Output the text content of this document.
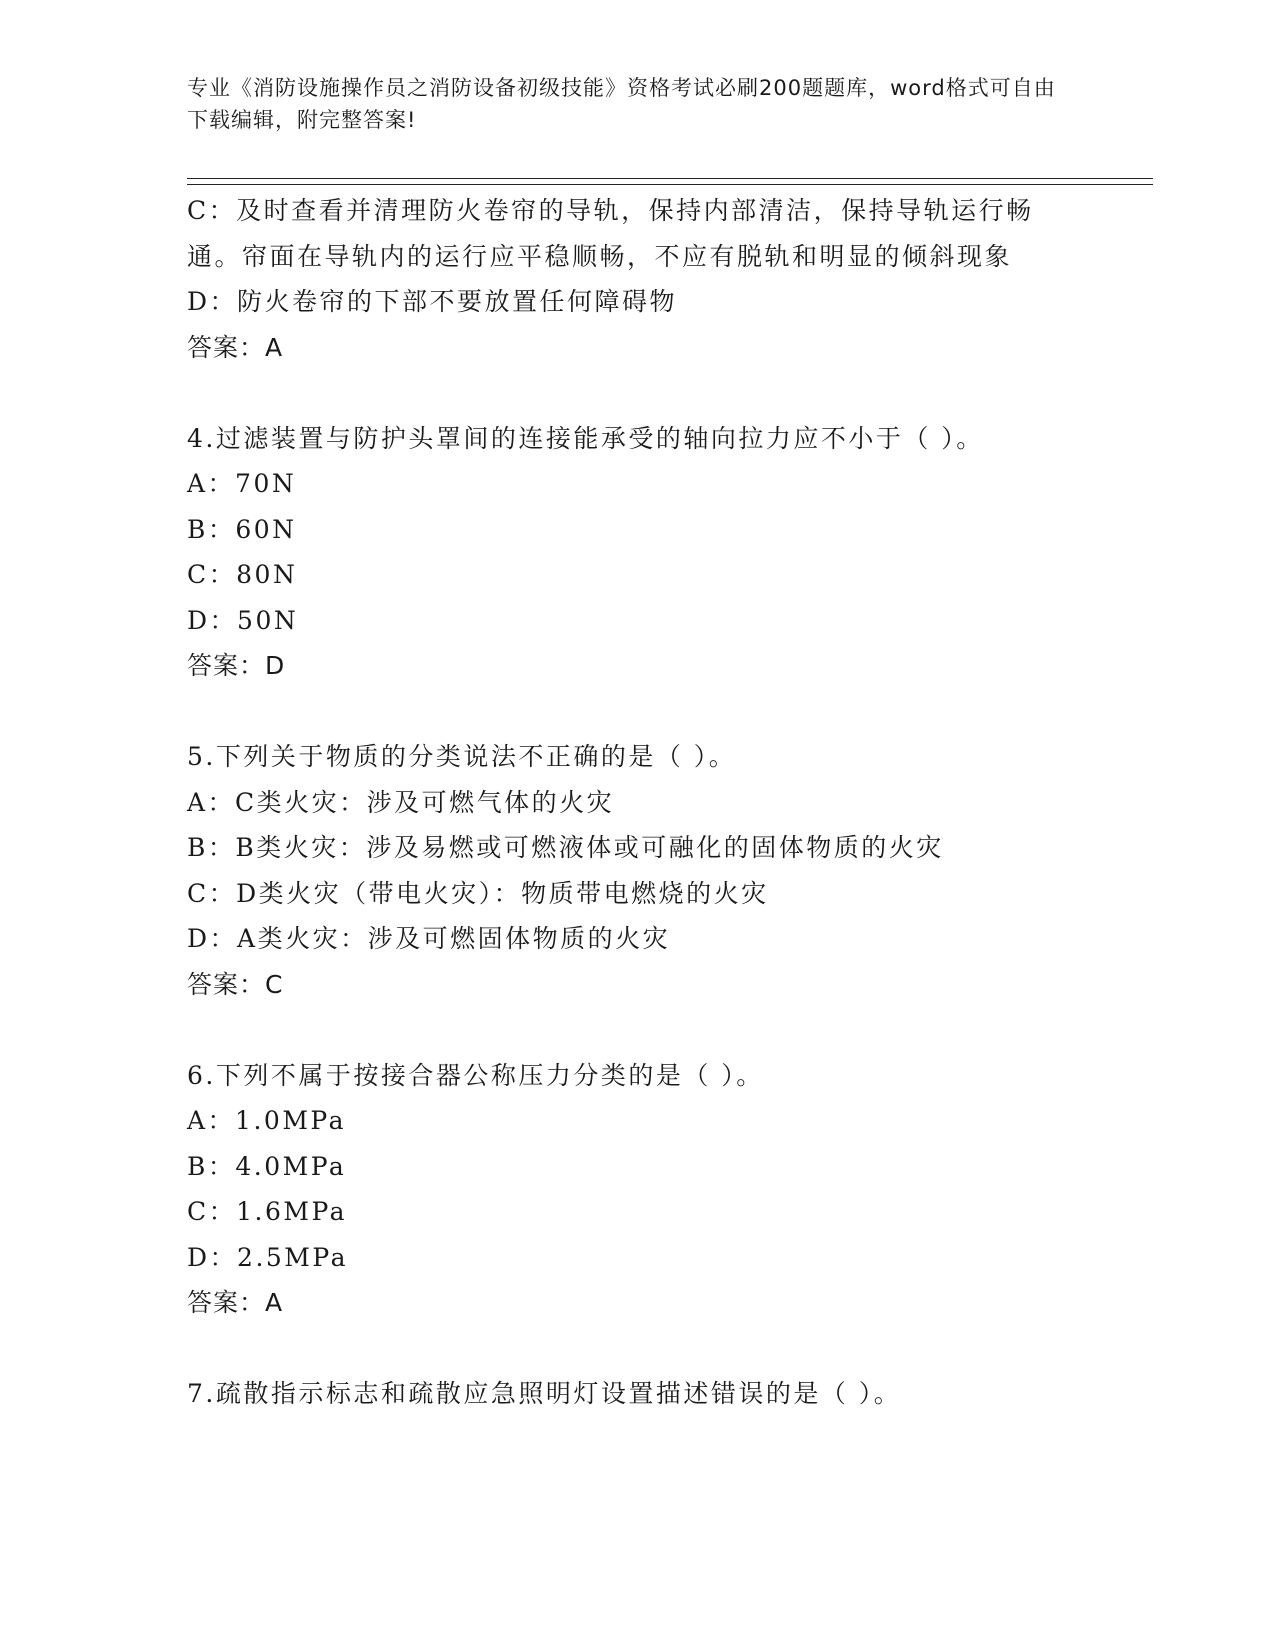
专业《消防设施操作员之消防设备初级技能》资格考试必刷200题题库，word格式可自由下载编辑，附完整答案!
C：及时查看并清理防火卷帘的导轨，保持内部清洁，保持导轨运行畅
通。帘面在导轨内的运行应平稳顺畅，不应有脱轨和明显的倾斜现象
D：防火卷帘的下部不要放置任何障碍物
答案：A
4.过滤装置与防护头罩间的连接能承受的轴向拉力应不小于（ ）。
A：70N
B：60N
C：80N
D：50N
答案：D
5.下列关于物质的分类说法不正确的是（ ）。
A：C类火灾：涉及可燃气体的火灾
B：B类火灾：涉及易燃或可燃液体或可融化的固体物质的火灾
C：D类火灾（带电火灾）：物质带电燃烧的火灾
D：A类火灾：涉及可燃固体物质的火灾
答案：C
6.下列不属于按接合器公称压力分类的是（ ）。
A：1.0MPa
B：4.0MPa
C：1.6MPa
D：2.5MPa
答案：A
7.疏散指示标志和疏散应急照明灯设置描述错误的是（ ）。
